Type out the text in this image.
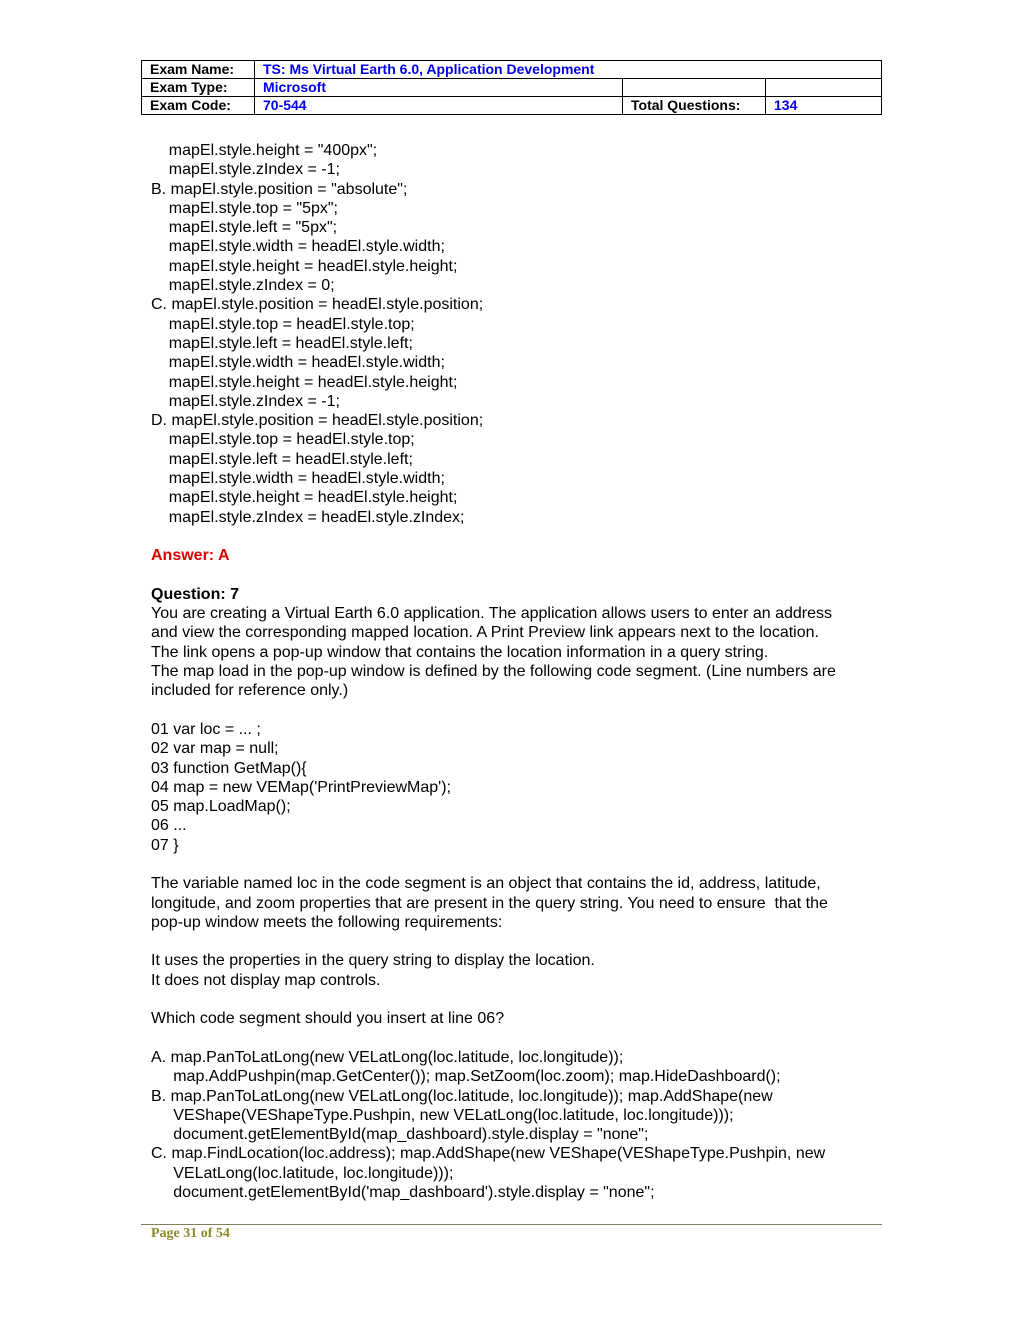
Exam Name:	TS: Ms Virtual Earth 6.0, Application Development		
Exam Type:	Microsoft		
Exam Code:	70-544	Total Questions:	134
mapEl.style.height = "400px";
mapEl.style.zIndex = -1;
B. mapEl.style.position = "absolute";
mapEl.style.top = "5px";
mapEl.style.left = "5px";
mapEl.style.width = headEl.style.width;
mapEl.style.height = headEl.style.height;
mapEl.style.zIndex = 0;
C. mapEl.style.position = headEl.style.position;
mapEl.style.top = headEl.style.top;
mapEl.style.left = headEl.style.left;
mapEl.style.width = headEl.style.width;
mapEl.style.height = headEl.style.height;
mapEl.style.zIndex = -1;
D. mapEl.style.position = headEl.style.position;
mapEl.style.top = headEl.style.top;
mapEl.style.left = headEl.style.left;
mapEl.style.width = headEl.style.width;
mapEl.style.height = headEl.style.height;
mapEl.style.zIndex = headEl.style.zIndex;
Answer: A
Question: 7
You are creating a Virtual Earth 6.0 application. The application allows users to enter an address
and view the corresponding mapped location. A Print Preview link appears next to the location.
The link opens a pop-up window that contains the location information in a query string.
The map load in the pop-up window is defined by the following code segment. (Line numbers are
included for reference only.)
01 var loc = ... ;
02 var map = null;
03 function GetMap(){
04 map = new VEMap('PrintPreviewMap');
05 map.LoadMap();
06 ...
07 }
The variable named loc in the code segment is an object that contains the id, address, latitude,
longitude, and zoom properties that are present in the query string. You need to ensure  that the
pop-up window meets the following requirements:
It uses the properties in the query string to display the location.
It does not display map controls.
Which code segment should you insert at line 06?
A. map.PanToLatLong(new VELatLong(loc.latitude, loc.longitude));
map.AddPushpin(map.GetCenter()); map.SetZoom(loc.zoom); map.HideDashboard();
B. map.PanToLatLong(new VELatLong(loc.latitude, loc.longitude)); map.AddShape(new
VEShape(VEShapeType.Pushpin, new VELatLong(loc.latitude, loc.longitude)));
document.getElementById(map_dashboard).style.display = "none";
C. map.FindLocation(loc.address); map.AddShape(new VEShape(VEShapeType.Pushpin, new
VELatLong(loc.latitude, loc.longitude)));
document.getElementById('map_dashboard').style.display = "none";
Page 31 of 54
